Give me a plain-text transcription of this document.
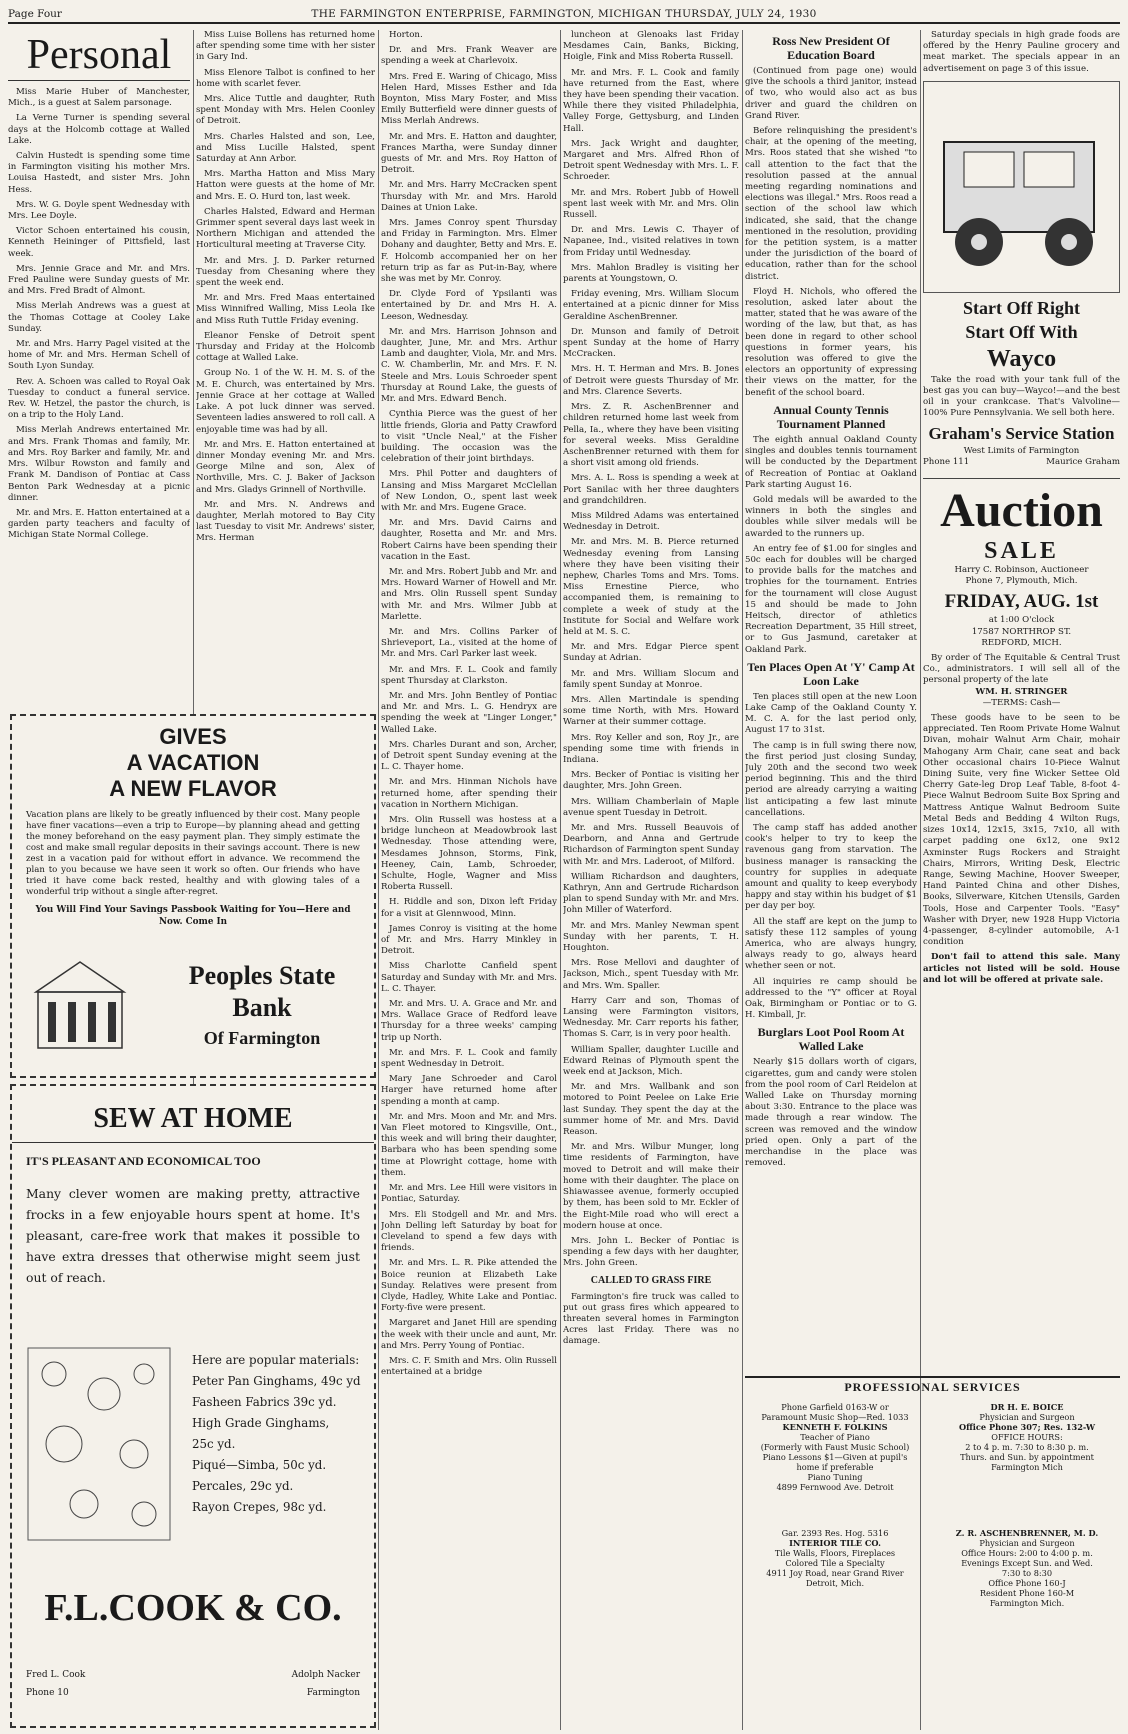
Page Four	THE FARMINGTON ENTERPRISE, FARMINGTON, MICHIGAN THURSDAY, JULY 24, 1930
Personal

Miss Marie Huber of Manchester, Mich., is a guest at Salem parsonage.

La Verne Turner is spending several days at the Holcomb cottage at Walled Lake.

Calvin Hustedt is spending some time in Farmington visiting his mother Mrs. Louisa Hastedt, and sister Mrs. John Hess.

Mrs. W. G. Doyle spent Wednesday with Mrs. Lee Doyle.

Victor Schoen entertained his cousin, Kenneth Heininger of Pittsfield, last week.

Mrs. Jennie Grace and Mr. and Mrs. Fred Pauline were Sunday guests of Mr. and Mrs. Fred Bradt of Almont.

Miss Merlah Andrews was a guest at the Thomas Cottage at Cooley Lake Sunday.

Mr. and Mrs. Harry Pagel visited at the home of Mr. and Mrs. Herman Schell of South Lyon Sunday.

Rev. A. Schoen was called to Royal Oak Tuesday to conduct a funeral service. Rev. W. Hetzel, the pastor the church, is on a trip to the Holy Land.

Miss Merlah Andrews entertained Mr. and Mrs. Frank Thomas and family, Mr. and Mrs. Roy Barker and family, Mr. and Mrs. Wilbur Rowston and family and Frank M. Dandison of Pontiac at Cass Benton Park Wednesday at a picnic dinner.

Mr. and Mrs. E. Hatton entertained at a garden party teachers and faculty of Michigan State Normal College.

Miss Luise Bollens has returned home after spending some time with her sister in Gary Ind.

Miss Elenore Talbot is confined to her home with scarlet fever.

Mrs. Alice Tuttle and daughter, Ruth spent Monday with Mrs. Helen Coonley of Detroit.

Mrs. Charles Halsted and son, Lee, and Miss Lucille Halsted, spent Saturday at Ann Arbor.

Mrs. Martha Hatton and Miss Mary Hatton were guests at the home of Mr. and Mrs. E. O. Hurd ton, last week.

Charles Halsted, Edward and Herman Grimmer spent several days last week in Northern Michigan and attended the Horticultural meeting at Traverse City.

Mr. and Mrs. J. D. Parker returned Tuesday from Chesaning where they spent the week end.

Mr. and Mrs. Fred Maas entertained Miss Winnifred Walling, Miss Leola Ike and Miss Ruth Tuttle Friday evening.

Eleanor Fenske of Detroit spent Thursday and Friday at the Holcomb cottage at Walled Lake.

Group No. 1 of the W. H. M. S. of the M. E. Church, was entertained by Mrs. Jennie Grace at her cottage at Walled Lake. A pot luck dinner was served. Seventeen ladies answered to roll call. A enjoyable time was had by all.

Mr. and Mrs. E. Hatton entertained at dinner Monday evening Mr. and Mrs. George Milne and son, Alex of Northville, Mrs. C. J. Baker of Jackson and Mrs. Gladys Grinnell of Northville.

Mr. and Mrs. N. Andrews and daughter, Merlah motored to Bay City last Tuesday to visit Mr. Andrews' sister, Mrs. Herman

GIVES
A VACATION
A NEW FLAVOR
Vacation plans are likely to be greatly influenced by their cost. Many people have finer vacations—even a trip to Europe—by planning ahead and getting the money beforehand on the easy payment plan. They simply estimate the cost and make small regular deposits in their savings account. There is new zest in a vacation paid for without effort in advance. We recommend the plan to you because we have seen it work so often. Our friends who have tried it have come back rested, healthy and with glowing tales of a wonderful trip without a single after-regret.
You Will Find Your Savings Passbook Waiting for You—Here and Now. Come In
Peoples State
Bank
Of Farmington
SEW AT HOME
IT'S PLEASANT AND ECONOMICAL TOO
Many clever women are making pretty, attractive frocks in a few enjoyable hours spent at home. It's pleasant, care-free work that makes it possible to have extra dresses that otherwise might seem just out of reach.
Here are popular materials:
Peter Pan Ginghams, 49c yd
Fasheen Fabrics 39c yd.
High Grade Ginghams,
25c yd.
Piqué—Simba, 50c yd.
Percales, 29c yd.
Rayon Crepes, 98c yd.
F.L.COOK & CO.
Fred L. Cook
Phone 10
Adolph Nacker
Farmington

Horton.

Dr. and Mrs. Frank Weaver are spending a week at Charlevoix.

Mrs. Fred E. Waring of Chicago, Miss Helen Hard, Misses Esther and Ida Boynton, Miss Mary Foster, and Miss Emily Butterfield were dinner guests of Miss Merlah Andrews.

Mr. and Mrs. E. Hatton and daughter, Frances Martha, were Sunday dinner guests of Mr. and Mrs. Roy Hatton of Detroit.

Mr. and Mrs. Harry McCracken spent Thursday with Mr. and Mrs. Harold Daines at Union Lake.

Mrs. James Conroy spent Thursday and Friday in Farmington. Mrs. Elmer Dohany and daughter, Betty and Mrs. E. F. Holcomb accompanied her on her return trip as far as Put-in-Bay, where she was met by Mr. Conroy.

Dr. Clyde Ford of Ypsilanti was entertained by Dr. and Mrs H. A. Leeson, Wednesday.

Mr. and Mrs. Harrison Johnson and daughter, June, Mr. and Mrs. Arthur Lamb and daughter, Viola, Mr. and Mrs. C. W. Chamberlin, Mr. and Mrs. F. N. Steele and Mrs. Louis Schroeder spent Thursday at Round Lake, the guests of Mr. and Mrs. Edward Bench.

Cynthia Pierce was the guest of her little friends, Gloria and Patty Crawford to visit "Uncle Neal," at the Fisher building. The occasion was the celebration of their joint birthdays.

Mrs. Phil Potter and daughters of Lansing and Miss Margaret McClellan of New London, O., spent last week with Mr. and Mrs. Eugene Grace.

Mr. and Mrs. David Cairns and daughter, Rosetta and Mr. and Mrs. Robert Cairns have been spending their vacation in the East.

Mr. and Mrs. Robert Jubb and Mr. and Mrs. Howard Warner of Howell and Mr. and Mrs. Olin Russell spent Sunday with Mr. and Mrs. Wilmer Jubb at Marlette.

Mr. and Mrs. Collins Parker of Shrieveport, La., visited at the home of Mr. and Mrs. Carl Parker last week.

Mr. and Mrs. F. L. Cook and family spent Thursday at Clarkston.

Mr. and Mrs. John Bentley of Pontiac and Mr. and Mrs. L. G. Hendryx are spending the week at "Linger Longer," Walled Lake.

Mrs. Charles Durant and son, Archer, of Detroit spent Sunday evening at the L. C. Thayer home.

Mr. and Mrs. Hinman Nichols have returned home, after spending their vacation in Northern Michigan.

Mrs. Olin Russell was hostess at a bridge luncheon at Meadowbrook last Wednesday. Those attending were, Mesdames Johnson, Storms, Fink, Heeney, Cain, Lamb, Schroeder, Schulte, Hogle, Wagner and Miss Roberta Russell.

H. Riddle and son, Dixon left Friday for a visit at Glennwood, Minn.

James Conroy is visiting at the home of Mr. and Mrs. Harry Minkley in Detroit.

Miss Charlotte Canfield spent Saturday and Sunday with Mr. and Mrs. L. C. Thayer.

Mr. and Mrs. U. A. Grace and Mr. and Mrs. Wallace Grace of Redford leave Thursday for a three weeks' camping trip up North.

Mr. and Mrs. F. L. Cook and family spent Wednesday in Detroit.

Mary Jane Schroeder and Carol Harger have returned home after spending a month at camp.

Mr. and Mrs. Moon and Mr. and Mrs. Van Fleet motored to Kingsville, Ont., this week and will bring their daughter, Barbara who has been spending some time at Plowright cottage, home with them.

Mr. and Mrs. Lee Hill were visitors in Pontiac, Saturday.

Mrs. Eli Stodgell and Mr. and Mrs. John Delling left Saturday by boat for Cleveland to spend a few days with friends.

Mr. and Mrs. L. R. Pike attended the Boice reunion at Elizabeth Lake Sunday. Relatives were present from Clyde, Hadley, White Lake and Pontiac. Forty-five were present.

Margaret and Janet Hill are spending the week with their uncle and aunt, Mr. and Mrs. Perry Young of Pontiac.

Mrs. C. F. Smith and Mrs. Olin Russell entertained at a bridge

luncheon at Glenoaks last Friday Mesdames Cain, Banks, Bicking, Hoigle, Fink and Miss Roberta Russell.

Mr. and Mrs. F. L. Cook and family have returned from the East, where they have been spending their vacation. While there they visited Philadelphia, Valley Forge, Gettysburg, and Linden Hall.

Mrs. Jack Wright and daughter, Margaret and Mrs. Alfred Rhon of Detroit spent Wednesday with Mrs. L. F. Schroeder.

Mr. and Mrs. Robert Jubb of Howell spent last week with Mr. and Mrs. Olin Russell.

Dr. and Mrs. Lewis C. Thayer of Napanee, Ind., visited relatives in town from Friday until Wednesday.

Mrs. Mahlon Bradley is visiting her parents at Youngstown, O.

Friday evening, Mrs. William Slocum entertained at a picnic dinner for Miss Geraldine AschenBrenner.

Dr. Munson and family of Detroit spent Sunday at the home of Harry McCracken.

Mrs. H. T. Herman and Mrs. B. Jones of Detroit were guests Thursday of Mr. and Mrs. Clarence Severts.

Mrs. Z. R. AschenBrenner and children returned home last week from Pella, Ia., where they have been visiting for several weeks. Miss Geraldine AschenBrenner returned with them for a short visit among old friends.

Mrs. A. L. Ross is spending a week at Port Sanilac with her three daughters and grandchildren.

Miss Mildred Adams was entertained Wednesday in Detroit.

Mr. and Mrs. M. B. Pierce returned Wednesday evening from Lansing where they have been visiting their nephew, Charles Toms and Mrs. Toms. Miss Ernestine Pierce, who accompanied them, is remaining to complete a week of study at the Institute for Social and Welfare work held at M. S. C.

Mr. and Mrs. Edgar Pierce spent Sunday at Adrian.

Mr. and Mrs. William Slocum and family spent Sunday at Monroe.

Mrs. Allen Martindale is spending some time North, with Mrs. Howard Warner at their summer cottage.

Mrs. Roy Keller and son, Roy Jr., are spending some time with friends in Indiana.

Mrs. Becker of Pontiac is visiting her daughter, Mrs. John Green.

Mrs. William Chamberlain of Maple avenue spent Tuesday in Detroit.

Mr. and Mrs. Russell Beauvois of Dearborn, and Anna and Gertrude Richardson of Farmington spent Sunday with Mr. and Mrs. Laderoot, of Milford.

William Richardson and daughters, Kathryn, Ann and Gertrude Richardson plan to spend Sunday with Mr. and Mrs. John Miller of Waterford.

Mr. and Mrs. Manley Newman spent Sunday with her parents, T. H. Houghton.

Mrs. Rose Mellovi and daughter of Jackson, Mich., spent Tuesday with Mr. and Mrs. Wm. Spaller.

Harry Carr and son, Thomas of Lansing were Farmington visitors, Wednesday. Mr. Carr reports his father, Thomas S. Carr, is in very poor health.

William Spaller, daughter Lucille and Edward Reinas of Plymouth spent the week end at Jackson, Mich.

Mr. and Mrs. Wallbank and son motored to Point Peelee on Lake Erie last Sunday. They spent the day at the summer home of Mr. and Mrs. David Reason.

Mr. and Mrs. Wilbur Munger, long time residents of Farmington, have moved to Detroit and will make their home with their daughter. The place on Shiawassee avenue, formerly occupied by them, has been sold to Mr. Eckler of the Eight-Mile road who will erect a modern house at once.

Mrs. John L. Becker of Pontiac is spending a few days with her daughter, Mrs. John Green.

CALLED TO GRASS FIRE

Farmington's fire truck was called to put out grass fires which appeared to threaten several homes in Farmington Acres last Friday. There was no damage.

Ross New President Of Education Board

(Continued from page one) would give the schools a third janitor, instead of two, who would also act as bus driver and guard the children on Grand River.

Before relinquishing the president's chair, at the opening of the meeting, Mrs. Roos stated that she wished "to call attention to the fact that the resolution passed at the annual meeting regarding nominations and elections was illegal." Mrs. Roos read a section of the school law which indicated, she said, that the change mentioned in the resolution, providing for the petition system, is a matter under the jurisdiction of the board of education, rather than for the school district.

Floyd H. Nichols, who offered the resolution, asked later about the matter, stated that he was aware of the wording of the law, but that, as has been done in regard to other school questions in former years, his resolution was offered to give the electors an opportunity of expressing their views on the matter, for the benefit of the school board.

Annual County Tennis Tournament Planned

The eighth annual Oakland County singles and doubles tennis tournament will be conducted by the Department of Recreation of Pontiac at Oakland Park starting August 16.

Gold medals will be awarded to the winners in both the singles and doubles while silver medals will be awarded to the runners up.

An entry fee of $1.00 for singles and 50c each for doubles will be charged to provide balls for the matches and trophies for the tournament. Entries for the tournament will close August 15 and should be made to John Heitsch, director of athletics Recreation Department, 35 Hill street, or to Gus Jasmund, caretaker at Oakland Park.

Ten Places Open At 'Y' Camp At Loon Lake

Ten places still open at the new Loon Lake Camp of the Oakland County Y. M. C. A. for the last period only, August 17 to 31st.

The camp is in full swing there now, the first period just closing Sunday, July 20th and the second two week period beginning. This and the third period are already carrying a waiting list anticipating a few last minute cancellations.

The camp staff has added another cook's helper to try to keep the ravenous gang from starvation. The business manager is ransacking the country for supplies in adequate amount and quality to keep everybody happy and stay within his budget of $1 per day per boy.

All the staff are kept on the jump to satisfy these 112 samples of young America, who are always hungry, always ready to go, always heard whether seen or not.

All inquiries re camp should be addressed to the "Y" officer at Royal Oak, Birmingham or Pontiac or to G. H. Kimball, Jr.

Burglars Loot Pool Room At Walled Lake

Nearly $15 dollars worth of cigars, cigarettes, gum and candy were stolen from the pool room of Carl Reidelon at Walled Lake on Thursday morning about 3:30. Entrance to the place was made through a rear window. The screen was removed and the window pried open. Only a part of the merchandise in the place was removed.

Saturday specials in high grade foods are offered by the Henry Pauline grocery and meat market. The specials appear in an advertisement on page 3 of this issue.

Start Off Right
Start Off With
Wayco

Take the road with your tank full of the best gas you can buy—Wayco!—and the best oil in your crankcase. That's Valvoline—100% Pure Pennsylvania. We sell both here.

Graham's Service Station
West Limits of Farmington
Phone 111	Maurice Graham
Auction
SALE
Harry C. Robinson, Auctioneer
Phone 7, Plymouth, Mich.
FRIDAY, AUG. 1st
at 1:00 O'clock
17587 NORTHROP ST.
REDFORD, MICH.

By order of The Equitable & Central Trust Co., administrators. I will sell all of the personal property of the late

WM. H. STRINGER
—TERMS: Cash—

These goods have to be seen to be appreciated. Ten Room Private Home Walnut Divan, mohair Walnut Arm Chair, mohair Mahogany Arm Chair, cane seat and back Other occasional chairs 10-Piece Walnut Dining Suite, very fine Wicker Settee Old Cherry Gate-leg Drop Leaf Table, 8-foot 4-Piece Walnut Bedroom Suite Box Spring and Mattress Antique Walnut Bedroom Suite Metal Beds and Bedding 4 Wilton Rugs, sizes 10x14, 12x15, 3x15, 7x10, all with carpet padding one 6x12, one 9x12 Axminster Rugs Rockers and Straight Chairs, Mirrors, Writing Desk, Electric Range, Sewing Machine, Hoover Sweeper, Hand Painted China and other Dishes, Books, Silverware, Kitchen Utensils, Garden Tools, Hose and Carpenter Tools. "Easy" Washer with Dryer, new 1928 Hupp Victoria 4-passenger, 8-cylinder automobile, A-1 condition

Don't fail to attend this sale. Many articles not listed will be sold. House and lot will be offered at private sale.

PROFESSIONAL SERVICES
Phone Garfield 0163-W or
Paramount Music Shop—Red. 1033
KENNETH F. FOLKINS
Teacher of Piano
(Formerly with Faust Music School)
Piano Lessons $1—Given at pupil's
home if preferable
Piano Tuning
4899 Fernwood Ave. Detroit
Gar. 2393 Res. Hog. 5316
INTERIOR TILE CO.
Tile Walls, Floors, Fireplaces
Colored Tile a Specialty
4911 Joy Road, near Grand River
Detroit, Mich.
DR H. E. BOICE
Physician and Surgeon
Office Phone 307; Res. 132-W
OFFICE HOURS:
2 to 4 p. m. 7:30 to 8:30 p. m.
Thurs. and Sun. by appointment
Farmington Mich
Z. R. ASCHENBRENNER, M. D.
Physician and Surgeon
Office Hours: 2:00 to 4:00 p. m.
Evenings Except Sun. and Wed.
7:30 to 8:30
Office Phone 160-J
Resident Phone 160-M
Farmington Mich.
